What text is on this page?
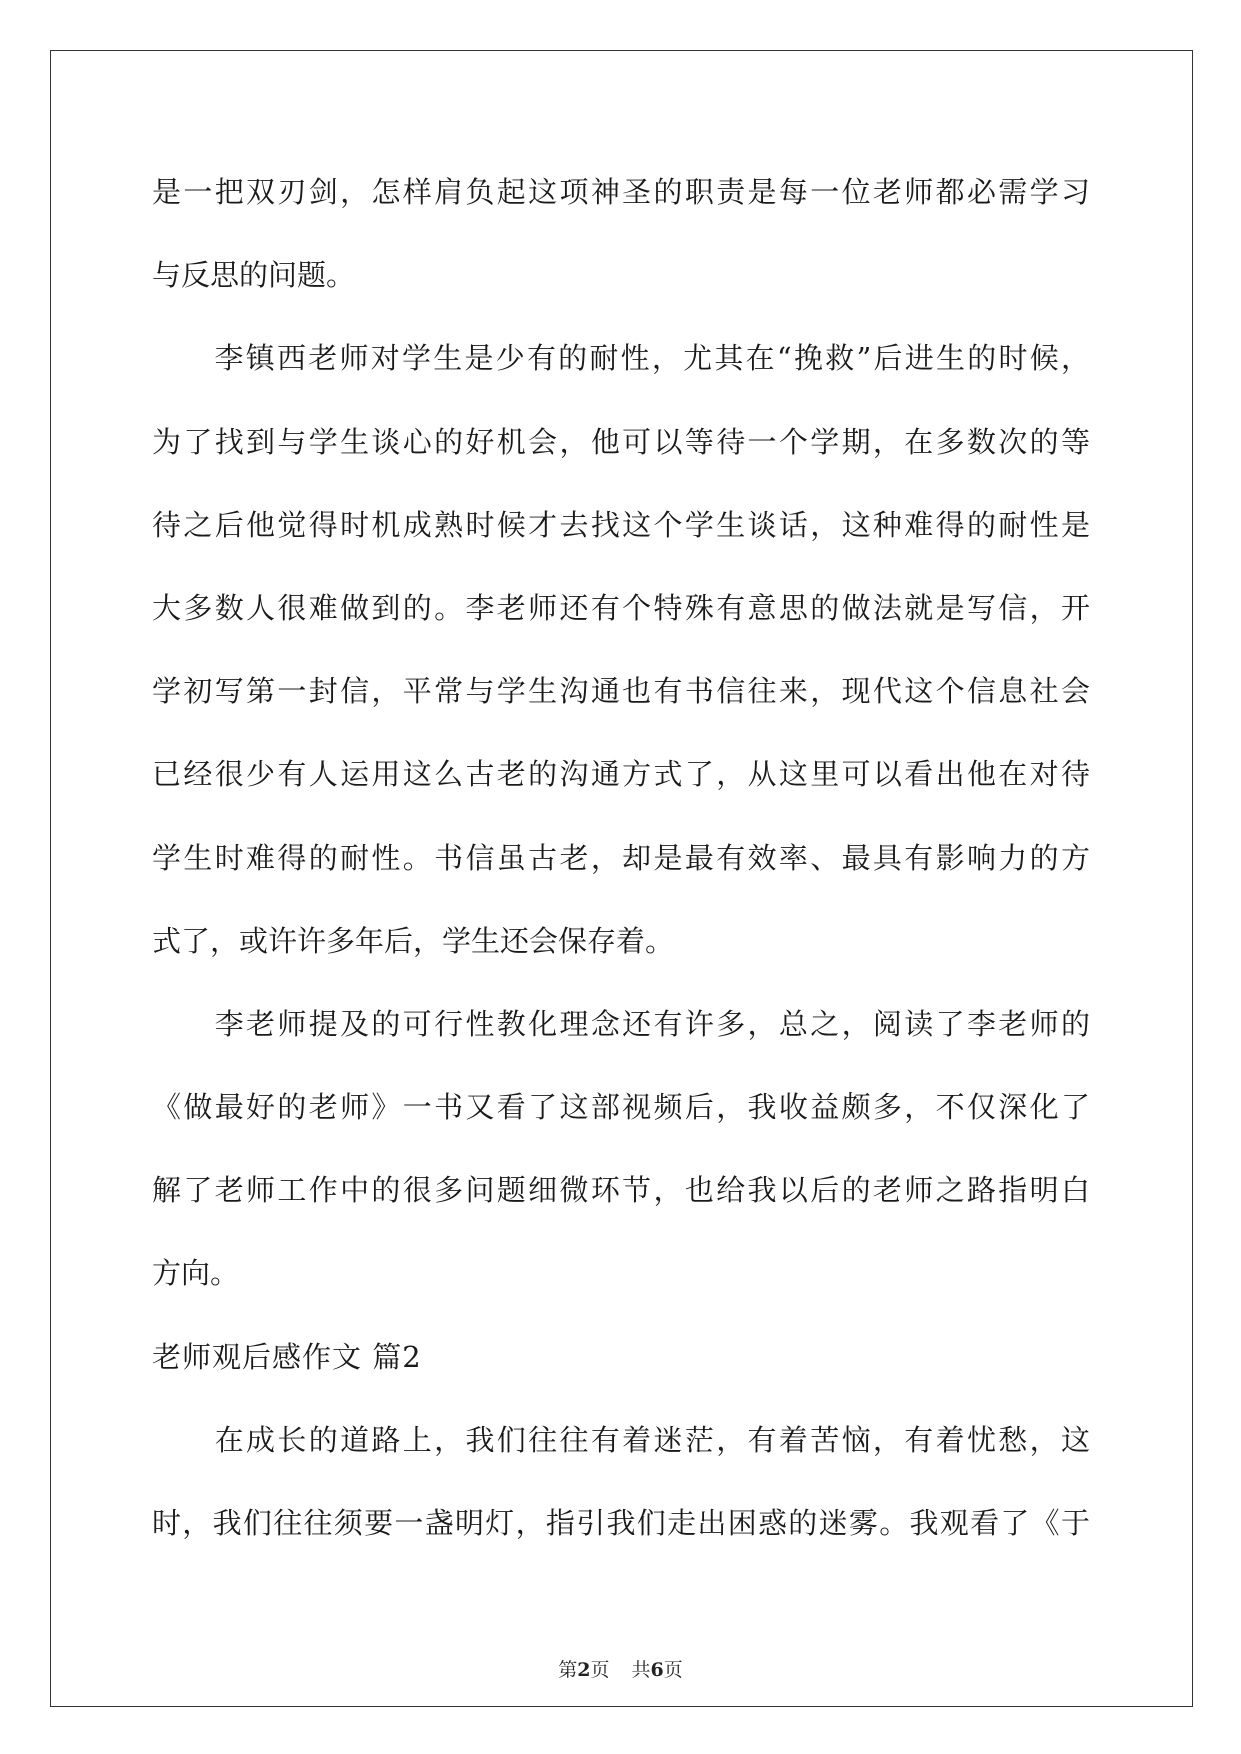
是一把双刃剑，怎样肩负起这项神圣的职责是每一位老师都必需学习
与反思的问题。
　　李镇西老师对学生是少有的耐性，尤其在“挽救”后进生的时候，
为了找到与学生谈心的好机会，他可以等待一个学期，在多数次的等
待之后他觉得时机成熟时候才去找这个学生谈话，这种难得的耐性是
大多数人很难做到的。李老师还有个特殊有意思的做法就是写信，开
学初写第一封信，平常与学生沟通也有书信往来，现代这个信息社会
已经很少有人运用这么古老的沟通方式了，从这里可以看出他在对待
学生时难得的耐性。书信虽古老，却是最有效率、最具有影响力的方
式了，或许许多年后，学生还会保存着。
　　李老师提及的可行性教化理念还有许多，总之，阅读了李老师的
《做最好的老师》一书又看了这部视频后，我收益颇多，不仅深化了
解了老师工作中的很多问题细微环节，也给我以后的老师之路指明白
方向。
老师观后感作文 篇2
　　在成长的道路上，我们往往有着迷茫，有着苦恼，有着忧愁，这
时，我们往往须要一盏明灯，指引我们走出困惑的迷雾。我观看了《于
第2页 共6页
